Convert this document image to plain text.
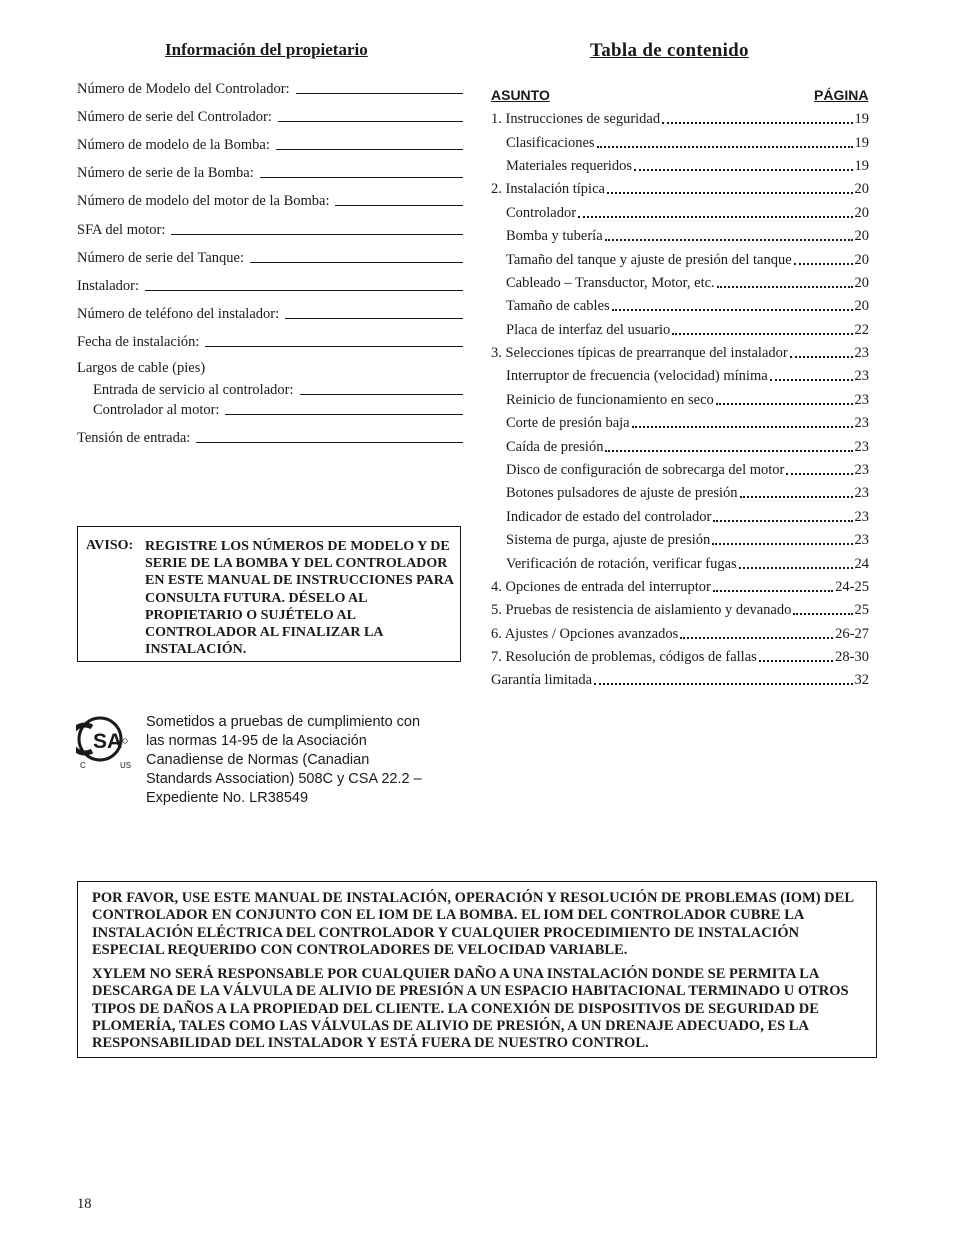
Información del propietario
Número de Modelo del Controlador:
Número de serie del Controlador:
Número de modelo de la Bomba:
Número de serie de la Bomba:
Número de modelo del motor de la Bomba:
SFA del motor:
Número de serie del Tanque:
Instalador:
Número de teléfono del instalador:
Fecha de instalación:
Largos de cable (pies)
Entrada de servicio al controlador:
Controlador al motor:
Tensión de entrada:
AVISO: REGISTRE LOS NÚMEROS DE MODELO Y DE SERIE DE LA BOMBA Y DEL CONTROLADOR EN ESTE MANUAL DE INSTRUCCIONES PARA CONSULTA FUTURA. DÉSELO AL PROPIETARIO O SUJÉTELO AL CONTROLADOR AL FINALIZAR LA INSTALACIÓN.
SA
C	US
Sometidos a pruebas de cumplimiento con las normas 14-95 de la Asociación Canadiense de Normas (Canadian Standards Association) 508C y CSA 22.2 – Expediente No. LR38549
Tabla de contenido
ASUNTO	PÁGINA
1. Instrucciones de seguridad	19
Clasificaciones	19
Materiales requeridos	19
2. Instalación típica	20
Controlador	20
Bomba y tubería	20
Tamaño del tanque y ajuste de presión del tanque	20
Cableado – Transductor, Motor, etc.	20
Tamaño de cables	20
Placa de interfaz del usuario	22
3. Selecciones típicas de prearranque del instalador	23
Interruptor de frecuencia (velocidad) mínima	23
Reinicio de funcionamiento en seco	23
Corte de presión baja	23
Caída de presión	23
Disco de configuración de sobrecarga del motor	23
Botones pulsadores de ajuste de presión	23
Indicador de estado del controlador	23
Sistema de purga, ajuste de presión	23
Verificación de rotación, verificar fugas	24
4. Opciones de entrada del interruptor	24-25
5. Pruebas de resistencia de aislamiento y devanado	25
6. Ajustes / Opciones avanzados	26-27
7. Resolución de problemas, códigos de fallas	28-30
Garantía limitada	32

POR FAVOR, USE ESTE MANUAL DE INSTALACIÓN, OPERACIÓN Y RESOLUCIÓN DE PROBLEMAS (IOM) DEL CONTROLADOR EN CONJUNTO CON EL IOM DE LA BOMBA. EL IOM DEL CONTROLADOR CUBRE LA INSTALACIÓN ELÉCTRICA DEL CONTROLADOR Y CUALQUIER PROCEDIMIENTO DE INSTALACIÓN ESPECIAL REQUERIDO CON CONTROLADORES DE VELOCIDAD VARIABLE.

XYLEM NO SERÁ RESPONSABLE POR CUALQUIER DAÑO A UNA INSTALACIÓN DONDE SE PERMITA LA DESCARGA DE LA VÁLVULA DE ALIVIO DE PRESIÓN A UN ESPACIO HABITACIONAL TERMINADO U OTROS TIPOS DE DAÑOS A LA PROPIEDAD DEL CLIENTE. LA CONEXIÓN DE DISPOSITIVOS DE SEGURIDAD DE PLOMERÍA, TALES COMO LAS VÁLVULAS DE ALIVIO DE PRESIÓN, A UN DRENAJE ADECUADO, ES LA RESPONSABILIDAD DEL INSTALADOR Y ESTÁ FUERA DE NUESTRO CONTROL.

18
